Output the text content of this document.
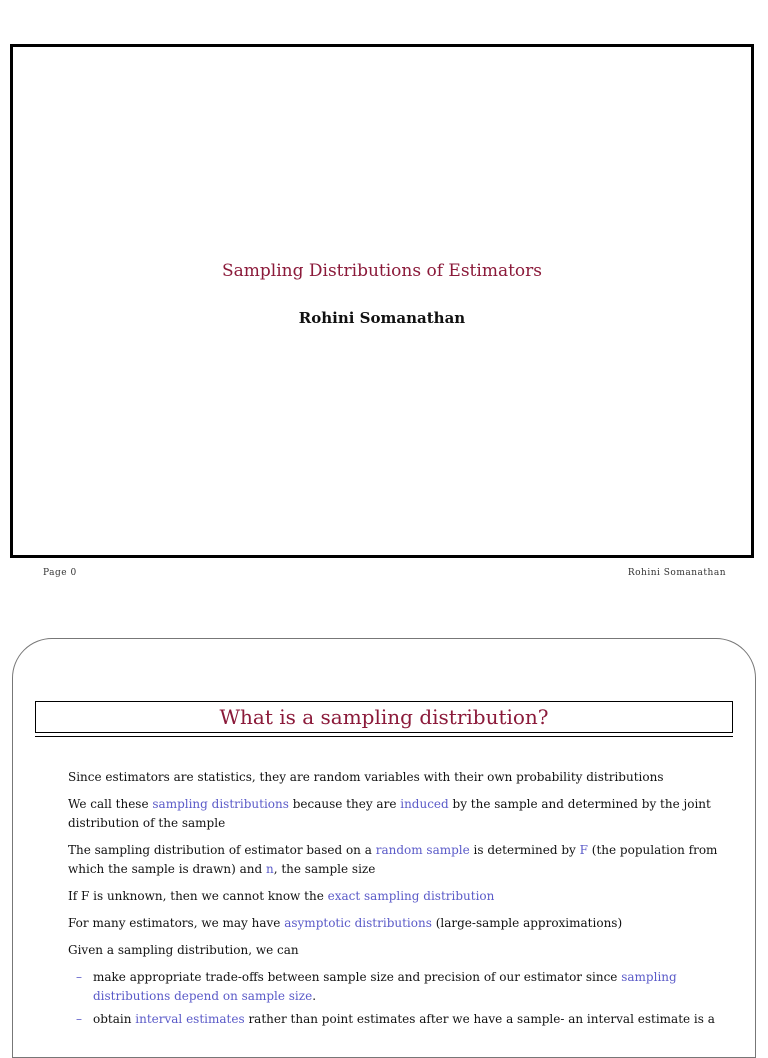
Sampling Distributions of Estimators
Rohini Somanathan
Page 0	Rohini Somanathan
What is a sampling distribution?

Since estimators are statistics, they are random variables with their own probability distributions

We call these sampling distributions because they are induced by the sample and determined by the joint distribution of the sample

The sampling distribution of estimator based on a random sample is determined by F (the population from which the sample is drawn) and n, the sample size

If F is unknown, then we cannot know the exact sampling distribution

For many estimators, we may have asymptotic distributions (large-sample approximations)

Given a sampling distribution, we can

– make appropriate trade-offs between sample size and precision of our estimator since sampling distributions depend on sample size.
– obtain interval estimates rather than point estimates after we have a sample- an interval estimate is a
